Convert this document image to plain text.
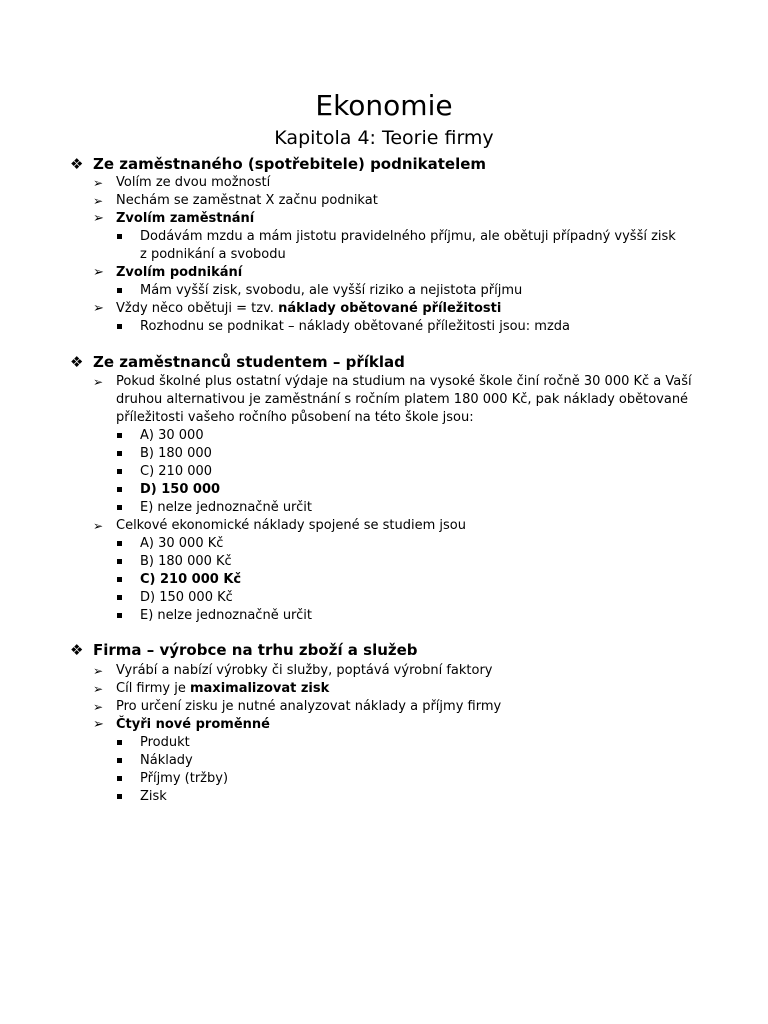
Ekonomie
Kapitola 4: Teorie firmy
❖ Ze zaměstnaného (spotřebitele) podnikatelem
➢ Volím ze dvou možností
➢ Nechám se zaměstnat X začnu podnikat
➢ Zvolím zaměstnání
Dodávám mzdu a mám jistotu pravidelného příjmu, ale obětuji případný vyšší zisk
z podnikání a svobodu
➢ Zvolím podnikání
Mám vyšší zisk, svobodu, ale vyšší riziko a nejistota příjmu
➢ Vždy něco obětuji = tzv. náklady obětované příležitosti
Rozhodnu se podnikat – náklady obětované příležitosti jsou: mzda
❖ Ze zaměstnanců studentem – příklad
➢ Pokud školné plus ostatní výdaje na studium na vysoké škole činí ročně 30 000 Kč a Vaší
druhou alternativou je zaměstnání s ročním platem 180 000 Kč, pak náklady obětované
příležitosti vašeho ročního působení na této škole jsou:
A) 30 000
B) 180 000
C) 210 000
D) 150 000
E) nelze jednoznačně určit
➢ Celkové ekonomické náklady spojené se studiem jsou
A) 30 000 Kč
B) 180 000 Kč
C) 210 000 Kč
D) 150 000 Kč
E) nelze jednoznačně určit
❖ Firma – výrobce na trhu zboží a služeb
➢ Vyrábí a nabízí výrobky či služby, poptává výrobní faktory
➢ Cíl firmy je maximalizovat zisk
➢ Pro určení zisku je nutné analyzovat náklady a příjmy firmy
➢ Čtyři nové proměnné
Produkt
Náklady
Příjmy (tržby)
Zisk
